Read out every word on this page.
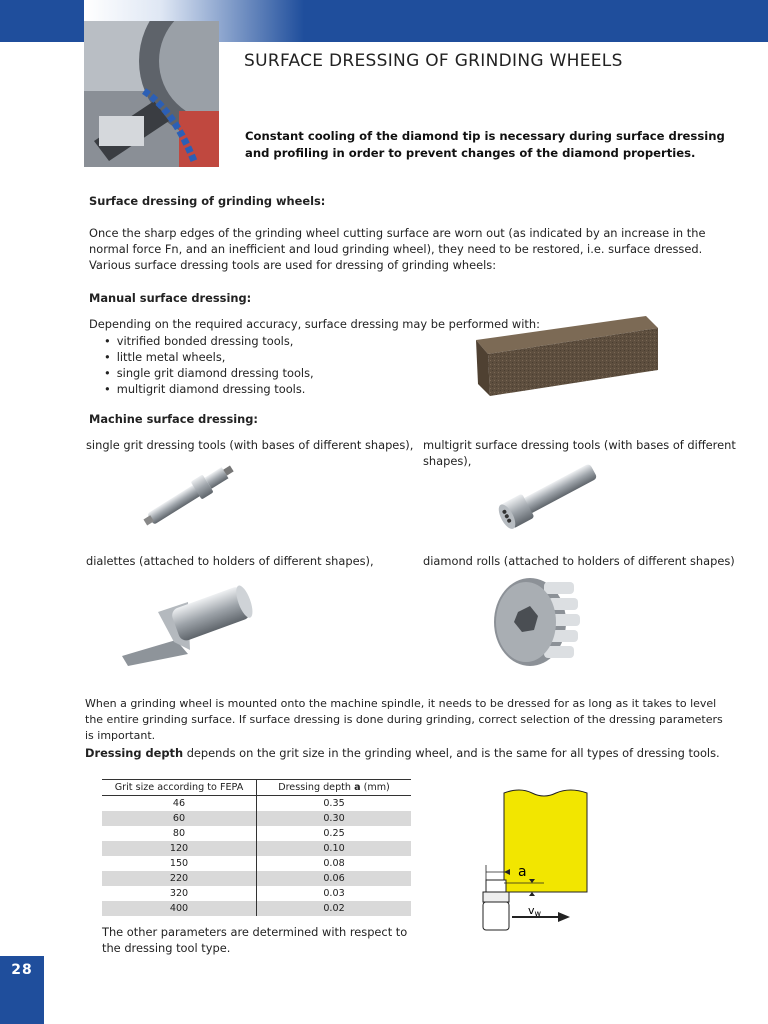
28
SURFACE DRESSING OF GRINDING WHEELS
Constant cooling of the diamond tip is necessary during surface dressing and profiling in order to prevent changes of the diamond properties.
Surface dressing of grinding wheels:
Once the sharp edges of the grinding wheel cutting surface are worn out (as indicated by an increase in the normal force Fn, and an inefficient and loud grinding wheel), they need to be restored, i.e. surface dressed.
Various surface dressing tools are used for dressing of grinding wheels:
Manual surface dressing:
Depending on the required accuracy, surface dressing may be performed with:
• vitrified bonded dressing tools,
• little metal wheels,
• single grit diamond dressing tools,
• multigrit diamond dressing tools.
Machine surface dressing:
single grit dressing tools (with bases of different shapes), multigrit surface dressing tools (with bases of different shapes),
dialettes (attached to holders of different shapes),	diamond rolls (attached to holders of different shapes)
When a grinding wheel is mounted onto the machine spindle, it needs to be dressed for as long as it takes to level the entire grinding surface. If surface dressing is done during grinding, correct selection of the dressing parameters is important.
Dressing depth depends on the grit size in the grinding wheel, and is the same for all types of dressing tools.
Grit size according to FEPA	Dressing depth a (mm)
46	0.35
60	0.30
80	0.25
120	0.10
150	0.08
220	0.06
320	0.03
400	0.02
The other parameters are determined with respect to the dressing tool type.
a
vw
